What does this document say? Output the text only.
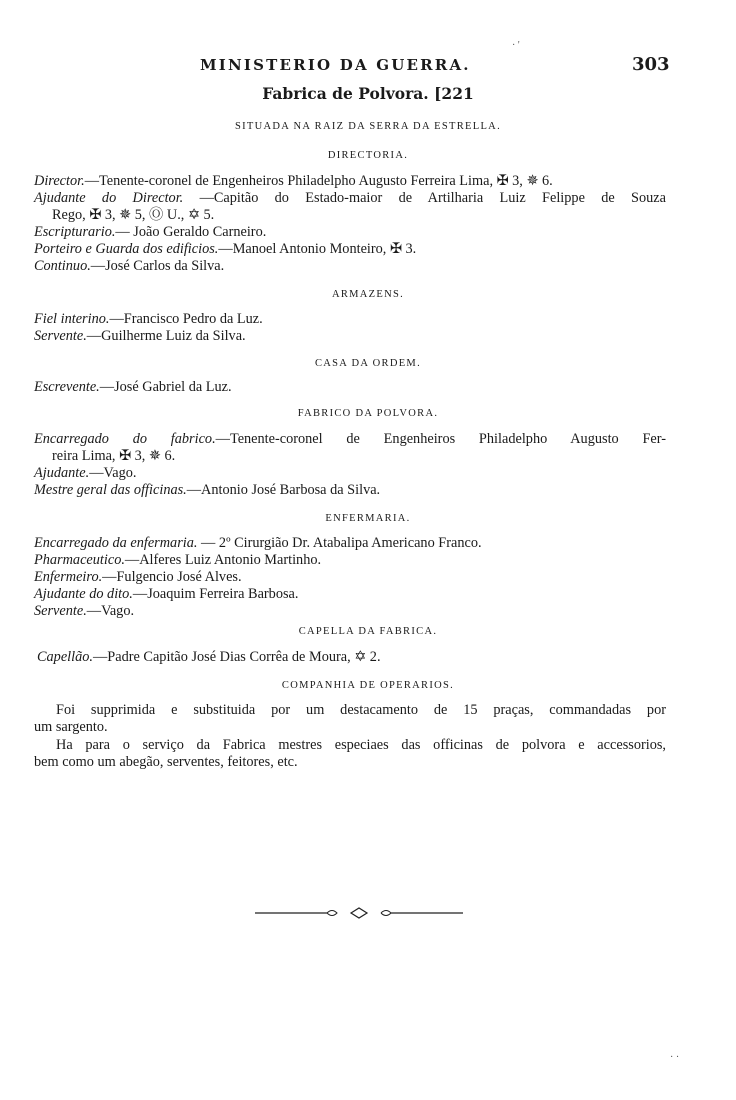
MINISTERIO DA GUERRA.	303
Fabrica de Polvora. [221
SITUADA NA RAIZ DA SERRA DA ESTRELLA.
DIRECTORIA.
Director.—Tenente-coronel de Engenheiros Philadelpho Augusto Ferreira Lima, ✠ 3, ✵ 6.
Ajudante do Director. —Capitão do Estado-maior de Artilharia Luiz Felippe de Souza
Rego, ✠ 3, ✵ 5, Ⓞ U., ✡ 5.
Escripturario.— João Geraldo Carneiro.
Porteiro e Guarda dos edificios.—Manoel Antonio Monteiro, ✠ 3.
Continuo.—José Carlos da Silva.
ARMAZENS.
Fiel interino.—Francisco Pedro da Luz.
Servente.—Guilherme Luiz da Silva.
CASA DA ORDEM.
Escrevente.—José Gabriel da Luz.
FABRICO DA POLVORA.
Encarregado do fabrico.—Tenente-coronel de Engenheiros Philadelpho Augusto Fer-
reira Lima, ✠ 3, ✵ 6.
Ajudante.—Vago.
Mestre geral das officinas.—Antonio José Barbosa da Silva.
ENFERMARIA.
Encarregado da enfermaria. — 2º Cirurgião Dr. Atabalipa Americano Franco.
Pharmaceutico.—Alferes Luiz Antonio Martinho.
Enfermeiro.—Fulgencio José Alves.
Ajudante do dito.—Joaquim Ferreira Barbosa.
Servente.—Vago.
CAPELLA DA FABRICA.
Capellão.—Padre Capitão José Dias Corrêa de Moura, ✡ 2.
COMPANHIA DE OPERARIOS.
Foi supprimida e substituida por um destacamento de 15 praças, commandadas por
um sargento.
Ha para o serviço da Fabrica mestres especiaes das officinas de polvora e accessorios,
bem como um abegão, serventes, feitores, etc.
· '
· ·
